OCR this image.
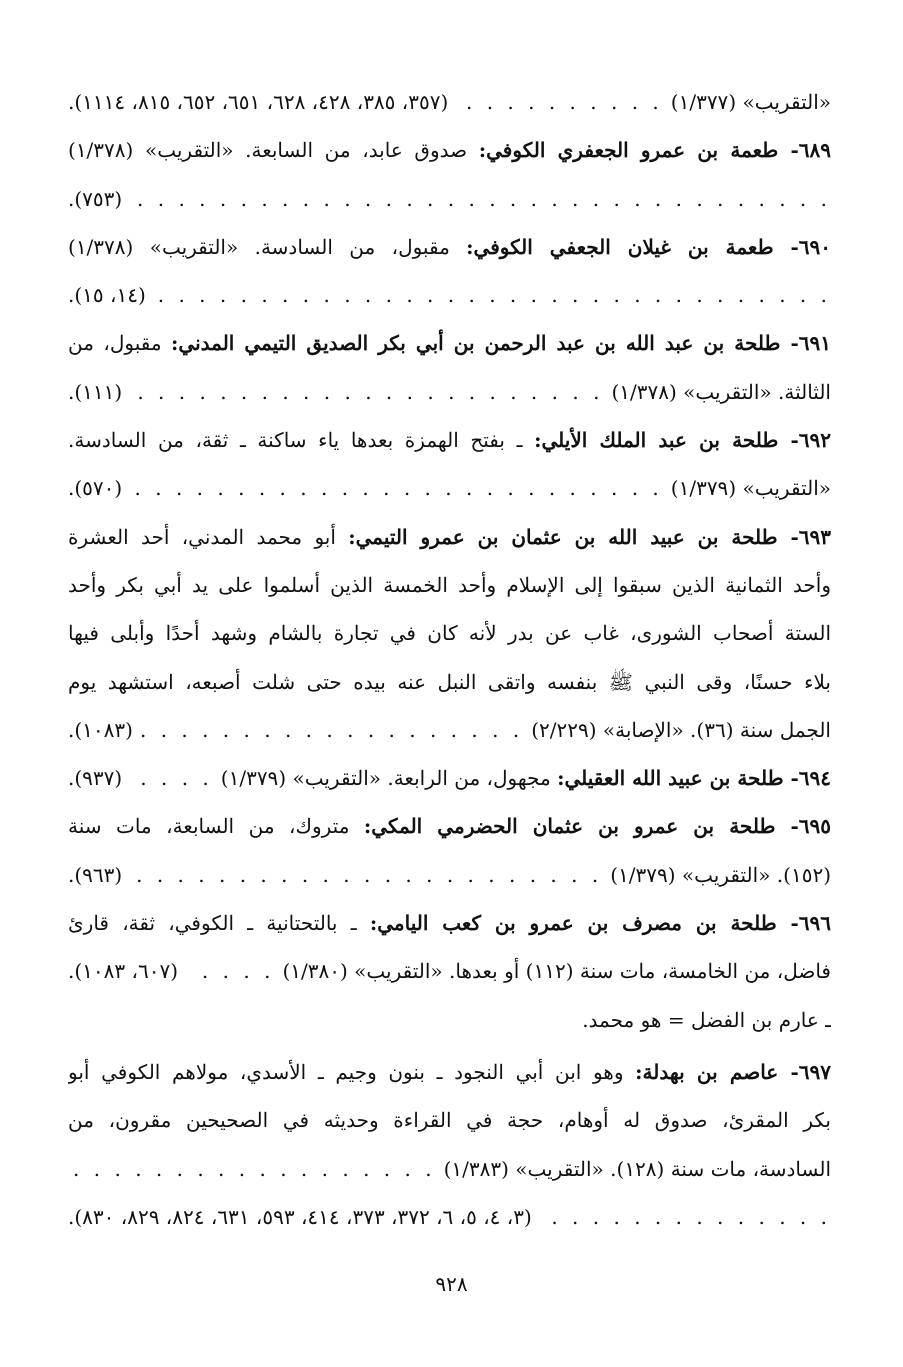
«التقريب» (١/٣٧٧)
. . .
(٣٥٧، ٣٨٥، ٤٢٨، ٦٢٨، ٦٥١، ٦٥٢، ٨١٥، ١١١٤).
٦٨٩- طعمة بن عمرو الجعفري الكوفي: صدوق عابد، من السابعة. «التقريب» (١/٣٧٨)
. . .
(٧٥٣).
٦٩٠- طعمة بن غيلان الجعفي الكوفي: مقبول، من السادسة. «التقريب» (١/٣٧٨)
. . .
(١٤، ١٥).
٦٩١- طلحة بن عبد الله بن عبد الرحمن بن أبي بكر الصديق التيمي المدني: مقبول، من
الثالثة. «التقريب» (١/٣٧٨)
. . .
(١١١).
٦٩٢- طلحة بن عبد الملك الأيلي: ـ بفتح الهمزة بعدها ياء ساكنة ـ ثقة، من السادسة.
«التقريب» (١/٣٧٩)
. . .
(٥٧٠).
٦٩٣- طلحة بن عبيد الله بن عثمان بن عمرو التيمي: أبو محمد المدني، أحد العشرة
وأحد الثمانية الذين سبقوا إلى الإسلام وأحد الخمسة الذين أسلموا على يد أبي بكر وأحد
الستة أصحاب الشورى، غاب عن بدر لأنه كان في تجارة بالشام وشهد أحدًا وأبلى فيها
بلاء حسنًا، وقى النبي ﷺ بنفسه واتقى النبل عنه بيده حتى شلت أصبعه، استشهد يوم
الجمل سنة (٣٦). «الإصابة» (٢/٢٢٩)
. . .
(١٠٨٣).
٦٩٤- طلحة بن عبيد الله العقيلي: مجهول، من الرابعة. «التقريب» (١/٣٧٩)
. . .
(٩٣٧).
٦٩٥- طلحة بن عمرو بن عثمان الحضرمي المكي: متروك، من السابعة، مات سنة
(١٥٢). «التقريب» (١/٣٧٩)
. . .
(٩٦٣).
٦٩٦- طلحة بن مصرف بن عمرو بن كعب اليامي: ـ بالتحتانية ـ الكوفي، ثقة، قارئ
فاضل، من الخامسة، مات سنة (١١٢) أو بعدها. «التقريب» (١/٣٨٠)
. . .
(٦٠٧، ١٠٨٣).
ـ عارم بن الفضل = هو محمد.
٦٩٧- عاصم بن بهدلة: وهو ابن أبي النجود ـ بنون وجيم ـ الأسدي، مولاهم الكوفي أبو
بكر المقرئ، صدوق له أوهام، حجة في القراءة وحديثه في الصحيحين مقرون، من
السادسة، مات سنة (١٢٨). «التقريب» (١/٣٨٣)
. . .
. . .
(٣، ٤، ٥، ٦، ٣٧٢، ٣٧٣، ٤١٤، ٥٩٣، ٦٣١، ٨٢٤، ٨٢٩، ٨٣٠).
٩٢٨
